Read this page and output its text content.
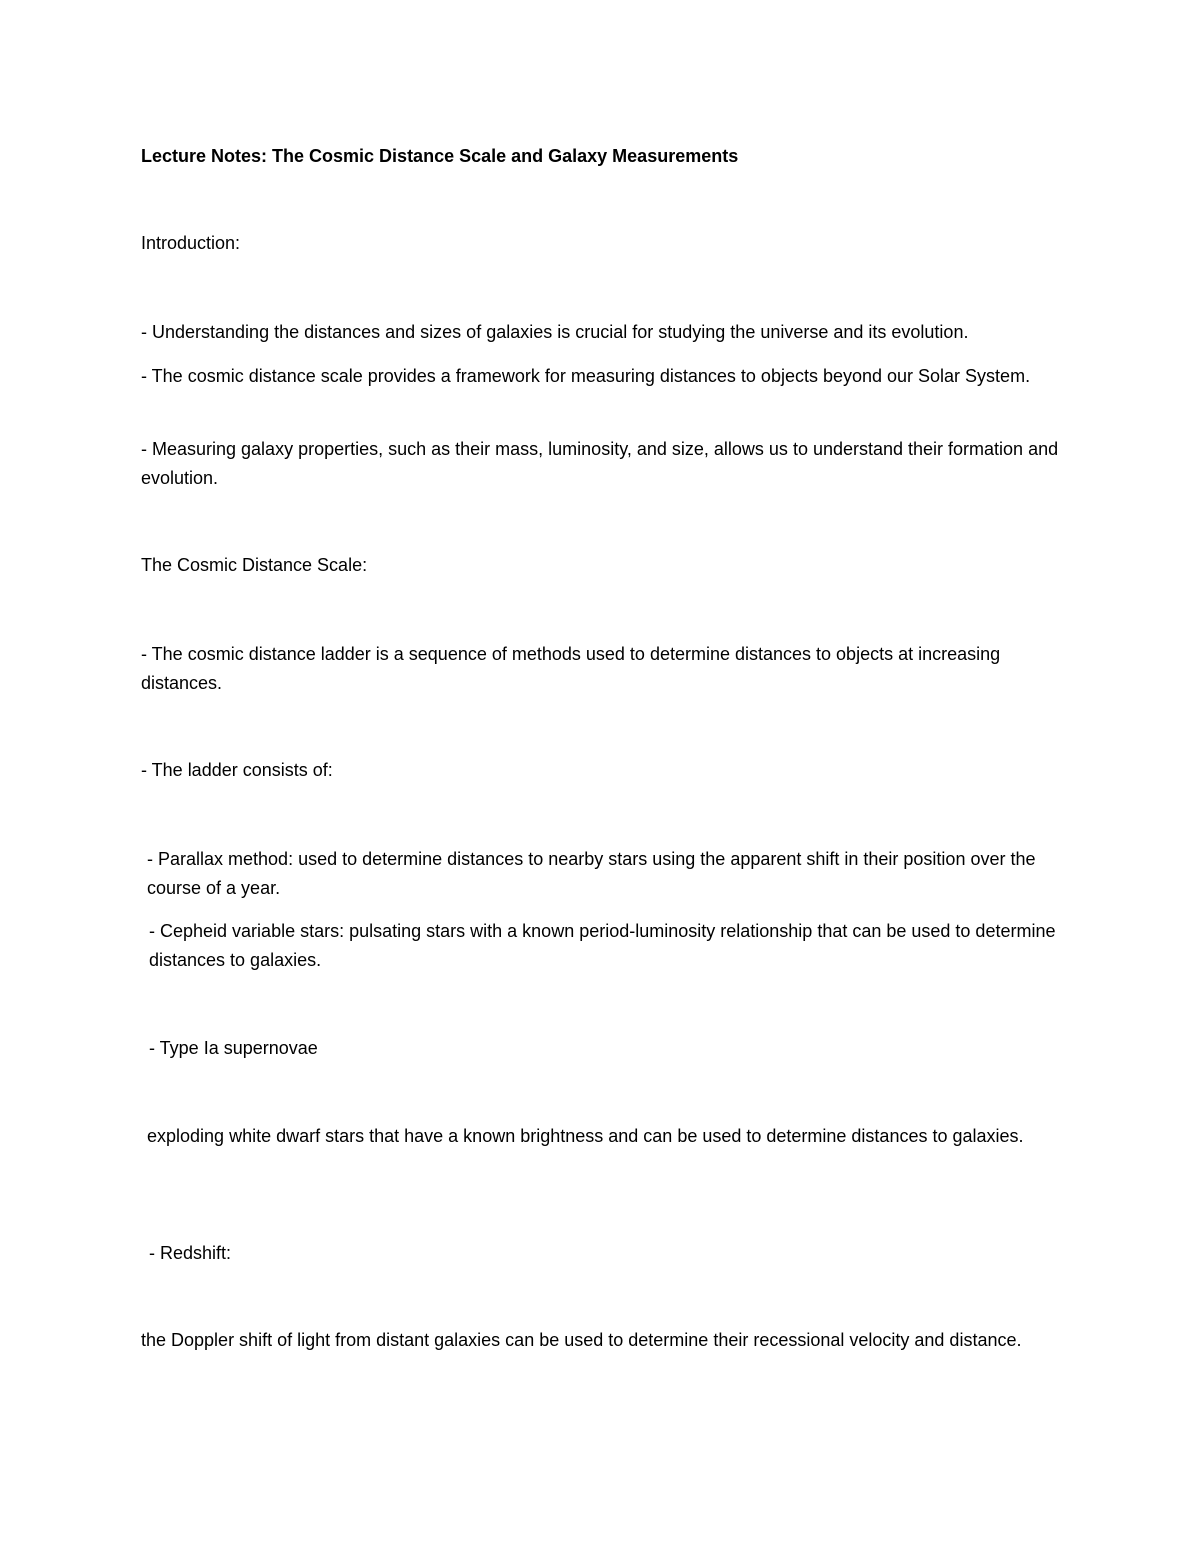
Lecture Notes: The Cosmic Distance Scale and Galaxy Measurements

Introduction:

- Understanding the distances and sizes of galaxies is crucial for studying the universe and its evolution.

- The cosmic distance scale provides a framework for measuring distances to objects beyond our Solar System.

- Measuring galaxy properties, such as their mass, luminosity, and size, allows us to understand their formation and evolution.

The Cosmic Distance Scale:

- The cosmic distance ladder is a sequence of methods used to determine distances to objects at increasing distances.

- The ladder consists of:

- Parallax method: used to determine distances to nearby stars using the apparent shift in their position over the course of a year.

- Cepheid variable stars: pulsating stars with a known period-luminosity relationship that can be used to determine distances to galaxies.

- Type Ia supernovae

exploding white dwarf stars that have a known brightness and can be used to determine distances to galaxies.

- Redshift:

the Doppler shift of light from distant galaxies can be used to determine their recessional velocity and distance.
